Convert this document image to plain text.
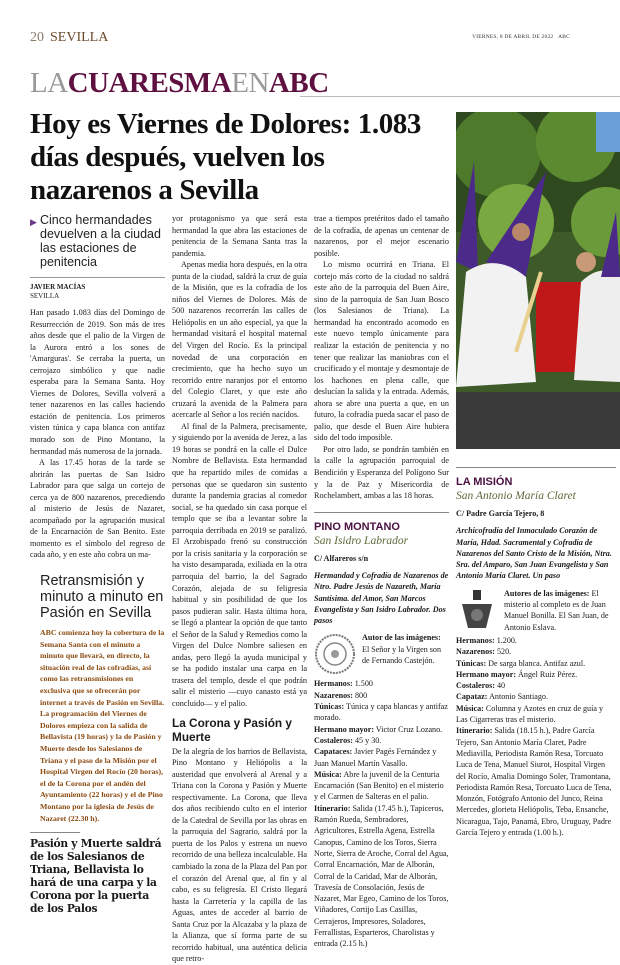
20 SEVILLA	VIERNES, 8 DE ABRIL DE 2022 ABC
LACUARESMAENABC
Hoy es Viernes de Dolores: 1.083 días después, vuelven los nazarenos a Sevilla
▶ Cinco hermandades devuelven a la ciudad las estaciones de penitencia
JAVIER MACÍAS
SEVILLA

Han pasado 1.083 días del Domingo de Resurrección de 2019. Son más de tres años desde que el palio de la Virgen de la Aurora entró a los sones de 'Amarguras'. Se cerraba la puerta, un cerrojazo simbólico y que nadie esperaba para la Semana Santa. Hoy Viernes de Dolores, Sevilla volverá a tener nazarenos en las calles haciendo estación de penitencia. Los primeros visten túnica y capa blanca con antifaz morado son de Pino Montano, la hermandad más numerosa de la jornada.

A las 17.45 horas de la tarde se abrirán las puertas de San Isidro Labrador para que salga un cortejo de cerca ya de 800 nazarenos, precediendo al misterio de Jesús de Nazaret, acompañado por la agrupación musical de la Encarnación de San Benito. Este momento es el símbolo del regreso de cada año, y en este año cobra un ma-

Retransmisión y minuto a minuto en Pasión en Sevilla
ABC comienza hoy la cobertura de la Semana Santa con el minuto a minuto que llevará, en directo, la situación real de las cofradías, así como las retransmisiones en exclusiva que se ofrecerán por internet a través de Pasión en Sevilla. La programación del Viernes de Dolores empieza con la salida de Bellavista (19 horas) y la de Pasión y Muerte desde los Salesianos de Triana y el paso de la Misión por el Hospital Virgen del Rocío (20 horas), el de la Corona por el andén del Ayuntamiento (22 horas) y el de Pino Montano por la iglesia de Jesús de Nazaret (22.30 h).
Pasión y Muerte saldrá de los Salesianos de Triana, Bellavista lo hará de una carpa y la Corona por la puerta de los Palos

yor protagonismo ya que será esta hermandad la que abra las estaciones de penitencia de la Semana Santa tras la pandemia.

Apenas media hora después, en la otra punta de la ciudad, saldrá la cruz de guía de la Misión, que es la cofradía de los niños del Viernes de Dolores. Más de 500 nazarenos recorrerán las calles de Heliópolis en un año especial, ya que la hermandad visitará el hospital maternal del Virgen del Rocío. Es la principal novedad de una corporación en crecimiento, que ha hecho suyo un recorrido entre naranjos por el entorno del Colegio Claret, y que este año cruzará la avenida de la Palmera para acercarle al Señor a los recién nacidos.

Al final de la Palmera, precisamente, y siguiendo por la avenida de Jerez, a las 19 horas se pondrá en la calle el Dulce Nombre de Bellavista. Esta hermandad que ha repartido miles de comidas a personas que se quedaron sin sustento durante la pandemia gracias al comedor social, se ha quedado sin casa porque el templo que se iba a levantar sobre la parroquia derribada en 2019 se paralizó. El Arzobispado frenó su construcción por la crisis sanitaria y la corporación se ha visto desamparada, exiliada en la otra parroquia del barrio, la del Sagrado Corazón, alejada de su feligresía habitual y sin posibilidad de que los pasos pudieran salir. Hasta última hora, se llegó a plantear la opción de que tanto el Señor de la Salud y Remedios como la Virgen del Dulce Nombre saliesen en andas, pero llegó la ayuda municipal y se ha podido instalar una carpa en la trasera del templo, desde el que podrán salir el misterio —cuyo canasto está ya concluido— y el palio.

La Corona y Pasión y Muerte

De la alegría de los barrios de Bellavista, Pino Montano y Heliópolis a la austeridad que envolverá al Arenal y a Triana con la Corona y Pasión y Muerte respectivamente. La Corona, que lleva dos años recibiendo culto en el interior de la Catedral de Sevilla por las obras en la parroquia del Sagrario, saldrá por la puerta de los Palos y estrena un nuevo recorrido de una belleza incalculable. Ha cambiado la zona de la Plaza del Pan por el corazón del Arenal que, al fin y al cabo, es su feligresía. El Cristo llegará hasta la Carretería y la capilla de las Aguas, antes de acceder al barrio de Santa Cruz por la Alcazaba y la plaza de la Alianza, que sí forma parte de su recorrido habitual, una auténtica delicia que retro-

trae a tiempos pretéritos dado el tamaño de la cofradía, de apenas un centenar de nazarenos, por el mejor escenario posible.

Lo mismo ocurrirá en Triana. El cortejo más corto de la ciudad no saldrá este año de la parroquia del Buen Aire, sino de la parroquia de San Juan Bosco (los Salesianos de Triana). La hermandad ha encontrado acomodo en este nuevo templo únicamente para realizar la estación de penitencia y no tener que realizar las maniobras con el crucificado y el montaje y desmontaje de los hachones en plena calle, que deslucían la salida y la entrada. Además, ahora se abre una puerta a que, en un futuro, la cofradía pueda sacar el paso de palio, que desde el Buen Aire hubiera sido del todo imposible.

Por otro lado, se pondrán también en la calle la agrupación parroquial de Bendición y Esperanza del Polígono Sur y la de Paz y Misericordia de Rochelambert, ambas a las 18 horas.

PINO MONTANO
San Isidro Labrador
C/ Alfareros s/n
Hermandad y Cofradía de Nazarenos de Ntro. Padre Jesús de Nazareth, María Santísima. del Amor, San Marcos Evangelista y San Isidro Labrador. Dos pasos
Autor de las imágenes: El Señor y la Virgen son de Fernando Castejón.
Hermanos: 1.500
Nazarenos: 800
Túnicas: Túnica y capa blancas y antifaz morado.
Hermano mayor: Victor Cruz Lozano.
Costaleros: 45 y 30.
Capataces: Javier Pagés Fernández y Juan Manuel Martín Vasallo.
Música: Abre la juvenil de la Centuria Encarnación (San Benito) en el misterio y el Carmen de Salteras en el palio.
Itinerario: Salida (17.45 h.), Tapiceros, Ramón Rueda, Sembradores, Agricultores, Estrella Agena, Estrella Canopus, Camino de los Toros, Sierra Norte, Sierra de Aroche, Corral del Agua, Corral Encarnación, Mar de Alborán, Corral de la Caridad, Mar de Alborán, Travesía de Consolación, Jesús de Nazaret, Mar Egeo, Camino de los Toros, Viñadores, Cortijo Las Casillas, Cerrajeros, Impresores, Soladores, Ferrallistas, Esparteros, Charolistas y entrada (2.15 h.)
LA MISIÓN
San Antonio María Claret
C/ Padre García Tejero, 8
Archicofradía del Inmaculado Corazón de María, Hdad. Sacramental y Cofradía de Nazarenos del Santo Cristo de la Misión, Ntra. Sra. del Amparo, San Juan Evangelista y San Antonio María Claret. Un paso
Autores de las imágenes: El misterio al completo es de Juan Manuel Bonilla. El San Juan, de Antonio Eslava.
Hermanos: 1.200.
Nazarenos: 520.
Túnicas: De sarga blanca. Antifaz azul.
Hermano mayor: Ángel Ruiz Pérez.
Costaleros: 40
Capataz: Antonio Santiago.
Música: Columna y Azotes en cruz de guía y Las Cigarreras tras el misterio.
Itinerario: Salida (18.15 h.), Padre García Tejero, San Antonio María Claret, Padre Mediavilla, Periodista Ramón Resa, Torcuato Luca de Tena, Manuel Siurot, Hospital Virgen del Rocío, Amalia Domingo Soler, Tramontana, Periodista Ramón Resa, Torcuato Luca de Tena, Monzón, Fotógrafo Antonio del Junco, Reina Mercedes, glorieta Heliópolis, Teba, Ensanche, Nicaragua, Tajo, Panamá, Ebro, Uruguay, Padre García Tejero y entrada (1.00 h.).
